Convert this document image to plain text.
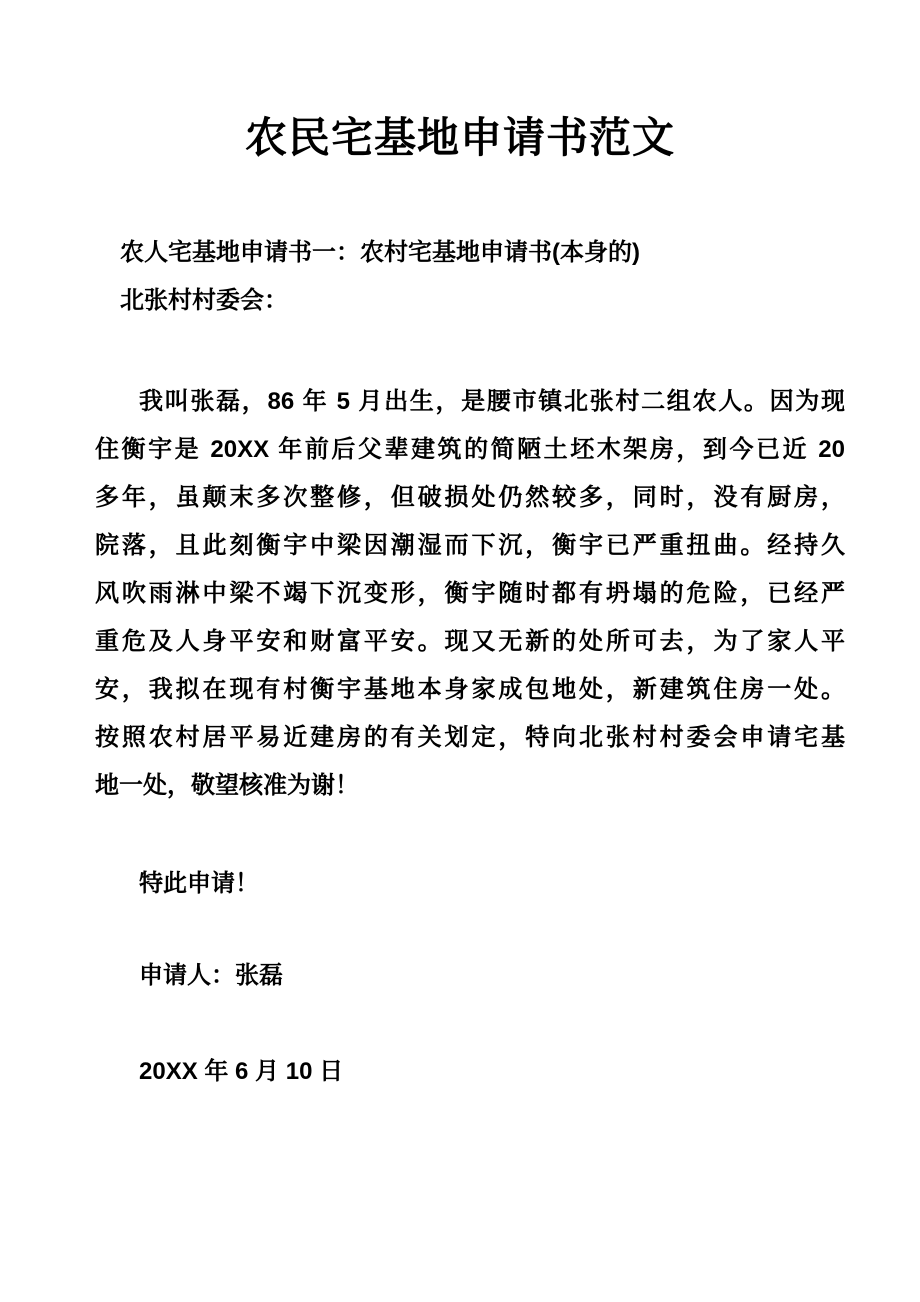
农民宅基地申请书范文
农人宅基地申请书一：农村宅基地申请书(本身的)
北张村村委会：
我叫张磊，86 年 5 月出生，是腰市镇北张村二组农人。因为现
住衡宇是 20XX 年前后父辈建筑的简陋土坯木架房，到今已近 20
多年，虽颠末多次整修，但破损处仍然较多，同时，没有厨房，
院落，且此刻衡宇中梁因潮湿而下沉，衡宇已严重扭曲。经持久
风吹雨淋中梁不竭下沉变形，衡宇随时都有坍塌的危险，已经严
重危及人身平安和财富平安。现又无新的处所可去，为了家人平
安，我拟在现有村衡宇基地本身家成包地处，新建筑住房一处。
按照农村居平易近建房的有关划定，特向北张村村委会申请宅基
地一处，敬望核准为谢！
特此申请！
申请人：张磊
20XX 年 6 月 10 日
